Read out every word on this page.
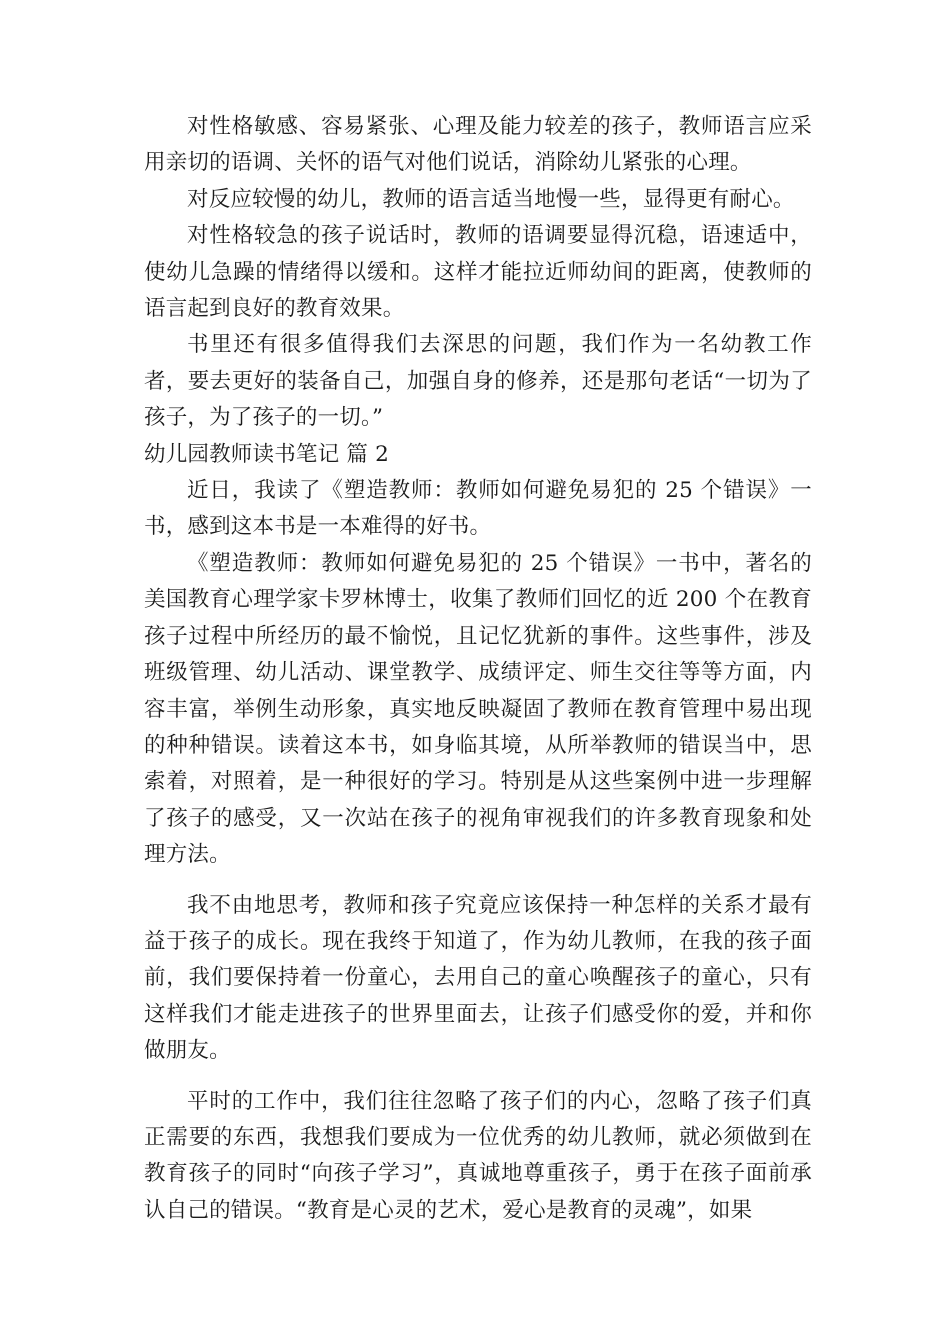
对性格敏感、容易紧张、心理及能力较差的孩子，教师语言应采用亲切的语调、关怀的语气对他们说话，消除幼儿紧张的心理。

对反应较慢的幼儿，教师的语言适当地慢一些，显得更有耐心。

对性格较急的孩子说话时，教师的语调要显得沉稳，语速适中，使幼儿急躁的情绪得以缓和。这样才能拉近师幼间的距离，使教师的语言起到良好的教育效果。

书里还有很多值得我们去深思的问题，我们作为一名幼教工作者，要去更好的装备自己，加强自身的修养，还是那句老话“一切为了孩子，为了孩子的一切。”

幼儿园教师读书笔记 篇 2

近日，我读了《塑造教师：教师如何避免易犯的 25 个错误》一书，感到这本书是一本难得的好书。

《塑造教师：教师如何避免易犯的 25 个错误》一书中，著名的美国教育心理学家卡罗林博士，收集了教师们回忆的近 200 个在教育孩子过程中所经历的最不愉悦，且记忆犹新的事件。这些事件，涉及班级管理、幼儿活动、课堂教学、成绩评定、师生交往等等方面，内容丰富，举例生动形象，真实地反映凝固了教师在教育管理中易出现的种种错误。读着这本书，如身临其境，从所举教师的错误当中，思索着，对照着，是一种很好的学习。特别是从这些案例中进一步理解了孩子的感受，又一次站在孩子的视角审视我们的许多教育现象和处理方法。

我不由地思考，教师和孩子究竟应该保持一种怎样的关系才最有益于孩子的成长。现在我终于知道了，作为幼儿教师，在我的孩子面前，我们要保持着一份童心，去用自己的童心唤醒孩子的童心，只有这样我们才能走进孩子的世界里面去，让孩子们感受你的爱，并和你做朋友。

平时的工作中，我们往往忽略了孩子们的内心，忽略了孩子们真正需要的东西，我想我们要成为一位优秀的幼儿教师，就必须做到在教育孩子的同时“向孩子学习”，真诚地尊重孩子，勇于在孩子面前承认自己的错误。“教育是心灵的艺术，爱心是教育的灵魂”，如果
